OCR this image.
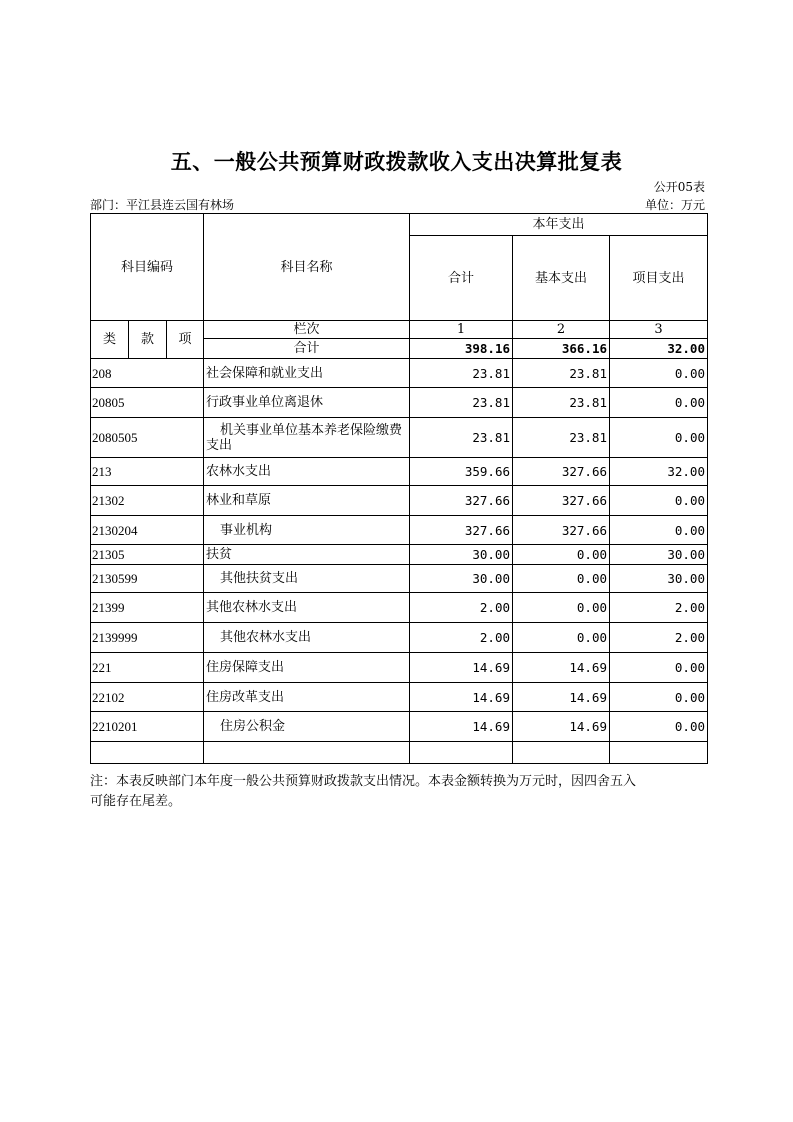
五、一般公共预算财政拨款收入支出决算批复表
公开05表
部门：平江县连云国有林场	单位：万元
科目编码			科目名称	本年支出		
				合计	基本支出	项目支出
类	款	项	栏次	1	2	3
			合计	398.16	366.16	32.00
208			社会保障和就业支出	23.81	23.81	0.00
20805			行政事业单位离退休	23.81	23.81	0.00
2080505			机关事业单位基本养老保险缴费支出	23.81	23.81	0.00
213			农林水支出	359.66	327.66	32.00
21302			林业和草原	327.66	327.66	0.00
2130204			事业机构	327.66	327.66	0.00
21305			扶贫	30.00	0.00	30.00
2130599			其他扶贫支出	30.00	0.00	30.00
21399			其他农林水支出	2.00	0.00	2.00
2139999			其他农林水支出	2.00	0.00	2.00
221			住房保障支出	14.69	14.69	0.00
22102			住房改革支出	14.69	14.69	0.00
2210201			住房公积金	14.69	14.69	0.00

注：本表反映部门本年度一般公共预算财政拨款支出情况。本表金额转换为万元时，因四舍五入
可能存在尾差。
